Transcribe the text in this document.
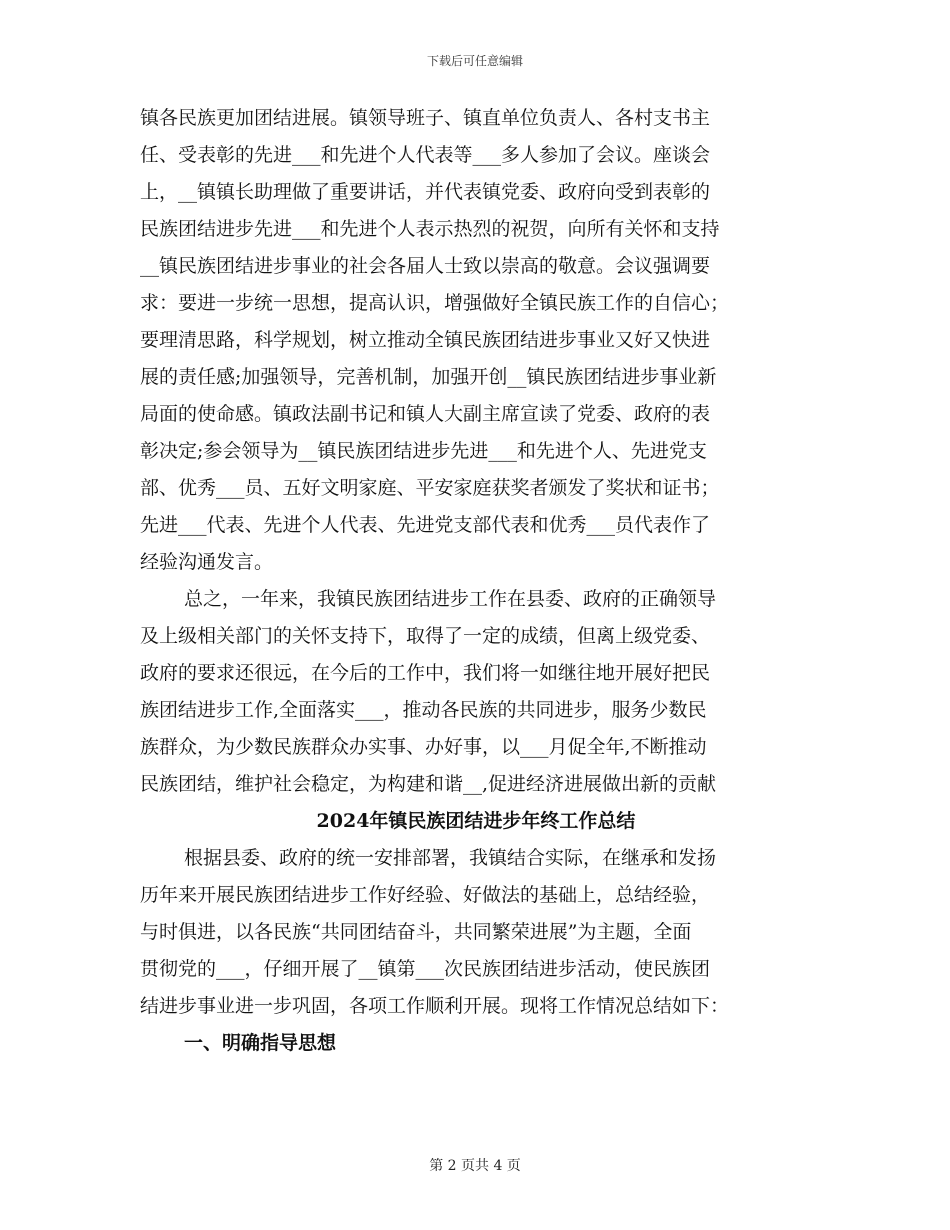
下载后可任意编辑
镇各民族更加团结进展。镇领导班子、镇直单位负责人、各村支书主
任、受表彰的先进___和先进个人代表等___多人参加了会议。座谈会
上，__镇镇长助理做了重要讲话，并代表镇党委、政府向受到表彰的
民族团结进步先进___和先进个人表示热烈的祝贺，向所有关怀和支持
__镇民族团结进步事业的社会各届人士致以崇高的敬意。会议强调要
求：要进一步统一思想，提高认识，增强做好全镇民族工作的自信心；
要理清思路，科学规划，树立推动全镇民族团结进步事业又好又快进
展的责任感;加强领导，完善机制，加强开创__镇民族团结进步事业新
局面的使命感。镇政法副书记和镇人大副主席宣读了党委、政府的表
彰决定;参会领导为__镇民族团结进步先进___和先进个人、先进党支
部、优秀___员、五好文明家庭、平安家庭获奖者颁发了奖状和证书；
先进___代表、先进个人代表、先进党支部代表和优秀___员代表作了
经验沟通发言。
总之，一年来，我镇民族团结进步工作在县委、政府的正确领导
及上级相关部门的关怀支持下，取得了一定的成绩，但离上级党委、
政府的要求还很远，在今后的工作中，我们将一如继往地开展好把民
族团结进步工作,全面落实___，推动各民族的共同进步，服务少数民
族群众，为少数民族群众办实事、办好事，以___月促全年,不断推动
民族团结，维护社会稳定，为构建和谐__,促进经济进展做出新的贡献
2024年镇民族团结进步年终工作总结
根据县委、政府的统一安排部署，我镇结合实际，在继承和发扬
历年来开展民族团结进步工作好经验、好做法的基础上，总结经验，
与时俱进，以各民族“共同团结奋斗，共同繁荣进展”为主题，全面
贯彻党的___，仔细开展了__镇第___次民族团结进步活动，使民族团
结进步事业进一步巩固，各项工作顺利开展。现将工作情况总结如下：
一、明确指导思想
第 2 页共 4 页
